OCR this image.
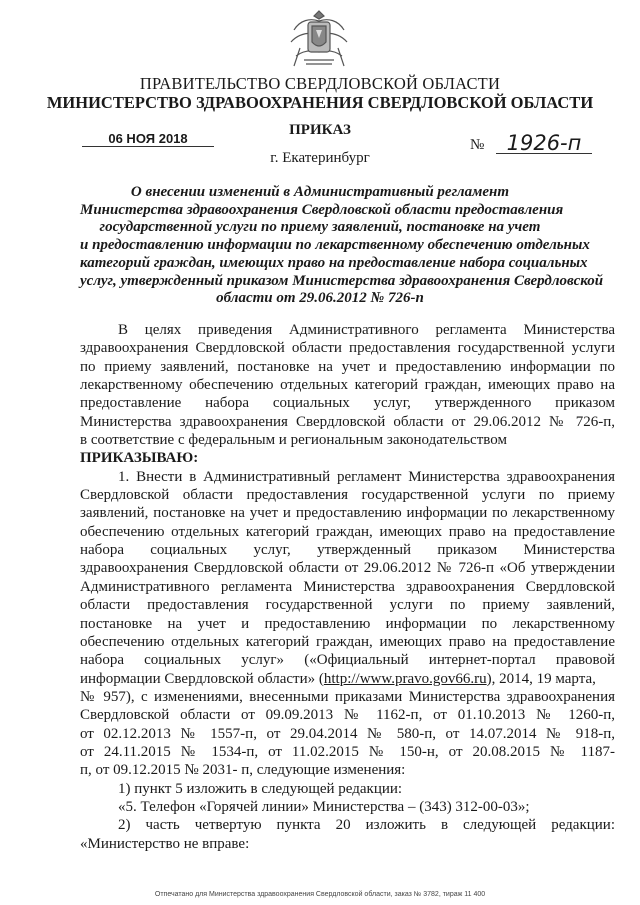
ПРАВИТЕЛЬСТВО СВЕРДЛОВСКОЙ ОБЛАСТИ
МИНИСТЕРСТВО ЗДРАВООХРАНЕНИЯ СВЕРДЛОВСКОЙ ОБЛАСТИ
ПРИКАЗ
06 НОЯ 2018	№	1926-п
г. Екатеринбург
О внесении изменений в Административный регламент
Министерства здравоохранения Свердловской области предоставления
государственной услуги по приему заявлений, постановке на учет
и предоставлению информации по лекарственному обеспечению отдельных
категорий граждан, имеющих право на предоставление набора социальных
услуг, утвержденный приказом Министерства здравоохранения Свердловской
области от 29.06.2012 № 726-п
В целях приведения Административного регламента Министерства
здравоохранения Свердловской области предоставления государственной услуги
по приему заявлений, постановке на учет и предоставлению информации по
лекарственному обеспечению отдельных категорий граждан, имеющих право на
предоставление набора социальных услуг, утвержденного приказом
Министерства здравоохранения Свердловской области от 29.06.2012 № 726-п,
в соответствие с федеральным и региональным законодательством
ПРИКАЗЫВАЮ:
1. Внести в Административный регламент Министерства здравоохранения
Свердловской области предоставления государственной услуги по приему
заявлений, постановке на учет и предоставлению информации по лекарственному
обеспечению отдельных категорий граждан, имеющих право на предоставление
набора социальных услуг, утвержденный приказом Министерства
здравоохранения Свердловской области от 29.06.2012 № 726-п «Об утверждении
Административного регламента Министерства здравоохранения Свердловской
области предоставления государственной услуги по приему заявлений,
постановке на учет и предоставлению информации по лекарственному
обеспечению отдельных категорий граждан, имеющих право на предоставление
набора социальных услуг» («Официальный интернет-портал правовой
информации Свердловской области» (http://www.pravo.gov66.ru), 2014, 19 марта,
№ 957), с изменениями, внесенными приказами Министерства здравоохранения
Свердловской области от 09.09.2013 № 1162-п, от 01.10.2013 № 1260-п,
от 02.12.2013 № 1557-п, от 29.04.2014 № 580-п, от 14.07.2014 № 918-п,
от 24.11.2015 № 1534-п, от 11.02.2015 № 150-н, от 20.08.2015 № 1187-
п, от 09.12.2015 № 2031- п, следующие изменения:
1) пункт 5 изложить в следующей редакции:
«5. Телефон «Горячей линии» Министерства – (343) 312-00-03»;
2) часть четвертую пункта 20 изложить в следующей редакции:
«Министерство не вправе:
Отпечатано для Министерства здравоохранения Свердловской области, заказ № 3782, тираж 11 400
